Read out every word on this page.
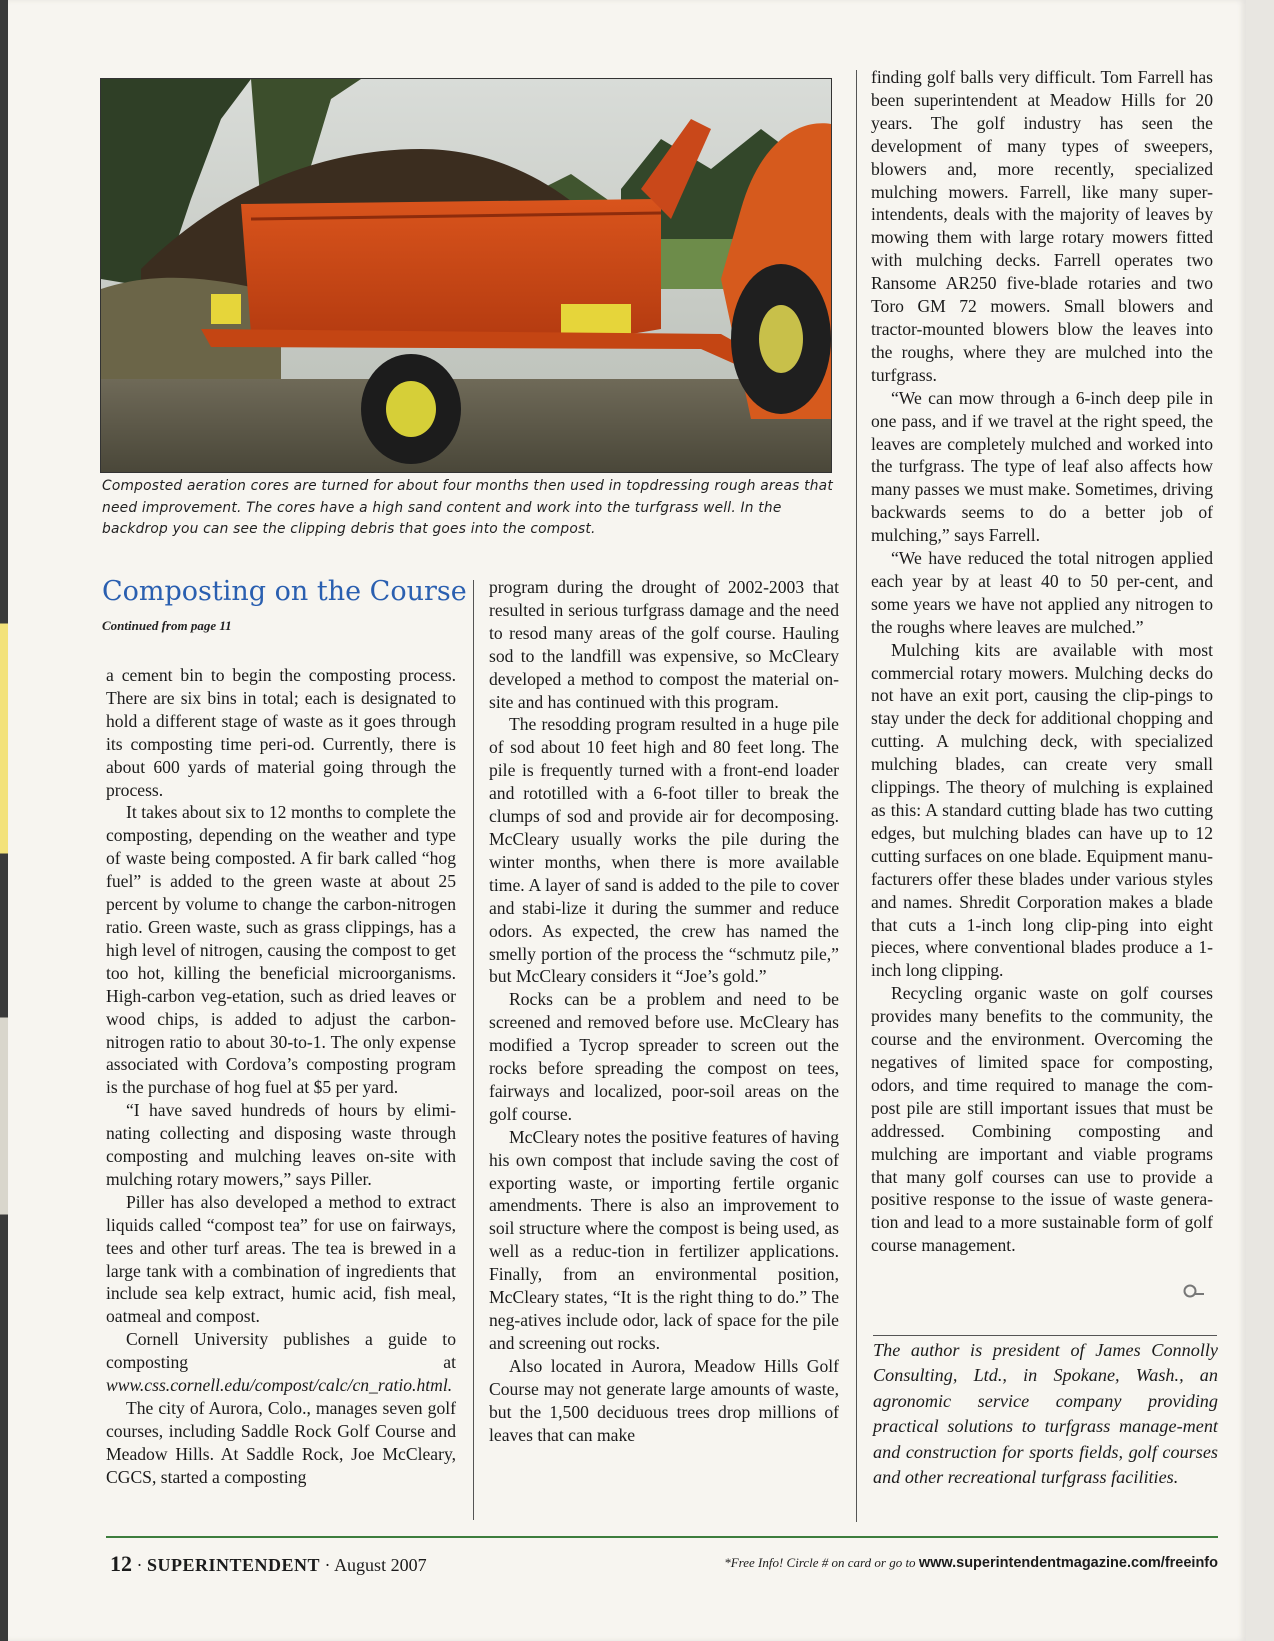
Composted aeration cores are turned for about four months then used in topdressing rough areas that need improvement. The cores have a high sand content and work into the turfgrass well. In the backdrop you can see the clipping debris that goes into the compost.
Composting on the Course
Continued from page 11

a cement bin to begin the composting process. There are six bins in total; each is designated to hold a different stage of waste as it goes through its composting time peri-od. Currently, there is about 600 yards of material going through the process.

It takes about six to 12 months to complete the composting, depending on the weather and type of waste being composted. A fir bark called “hog fuel” is added to the green waste at about 25 percent by volume to change the carbon-nitrogen ratio. Green waste, such as grass clippings, has a high level of nitrogen, causing the compost to get too hot, killing the beneficial microorganisms. High-carbon veg-etation, such as dried leaves or wood chips, is added to adjust the carbon-nitrogen ratio to about 30-to-1. The only expense associated with Cordova’s composting program is the purchase of hog fuel at $5 per yard.

“I have saved hundreds of hours by elimi-nating collecting and disposing waste through composting and mulching leaves on-site with mulching rotary mowers,” says Piller.

Piller has also developed a method to extract liquids called “compost tea” for use on fairways, tees and other turf areas. The tea is brewed in a large tank with a combination of ingredients that include sea kelp extract, humic acid, fish meal, oatmeal and compost.

Cornell University publishes a guide to composting at www.css.cornell.edu/compost/calc/cn_ratio.html.

The city of Aurora, Colo., manages seven golf courses, including Saddle Rock Golf Course and Meadow Hills. At Saddle Rock, Joe McCleary, CGCS, started a composting

program during the drought of 2002-2003 that resulted in serious turfgrass damage and the need to resod many areas of the golf course. Hauling sod to the landfill was expensive, so McCleary developed a method to compost the material on-site and has continued with this program.

The resodding program resulted in a huge pile of sod about 10 feet high and 80 feet long. The pile is frequently turned with a front-end loader and rototilled with a 6-foot tiller to break the clumps of sod and provide air for decomposing. McCleary usually works the pile during the winter months, when there is more available time. A layer of sand is added to the pile to cover and stabi-lize it during the summer and reduce odors. As expected, the crew has named the smelly portion of the process the “schmutz pile,” but McCleary considers it “Joe’s gold.”

Rocks can be a problem and need to be screened and removed before use. McCleary has modified a Tycrop spreader to screen out the rocks before spreading the compost on tees, fairways and localized, poor-soil areas on the golf course.

McCleary notes the positive features of having his own compost that include saving the cost of exporting waste, or importing fertile organic amendments. There is also an improvement to soil structure where the compost is being used, as well as a reduc-tion in fertilizer applications. Finally, from an environmental position, McCleary states, “It is the right thing to do.” The neg-atives include odor, lack of space for the pile and screening out rocks.

Also located in Aurora, Meadow Hills Golf Course may not generate large amounts of waste, but the 1,500 deciduous trees drop millions of leaves that can make

finding golf balls very difficult. Tom Farrell has been superintendent at Meadow Hills for 20 years. The golf industry has seen the development of many types of sweepers, blowers and, more recently, specialized mulching mowers. Farrell, like many super-intendents, deals with the majority of leaves by mowing them with large rotary mowers fitted with mulching decks. Farrell operates two Ransome AR250 five-blade rotaries and two Toro GM 72 mowers. Small blowers and tractor-mounted blowers blow the leaves into the roughs, where they are mulched into the turfgrass.

“We can mow through a 6-inch deep pile in one pass, and if we travel at the right speed, the leaves are completely mulched and worked into the turfgrass. The type of leaf also affects how many passes we must make. Sometimes, driving backwards seems to do a better job of mulching,” says Farrell.

“We have reduced the total nitrogen applied each year by at least 40 to 50 per-cent, and some years we have not applied any nitrogen to the roughs where leaves are mulched.”

Mulching kits are available with most commercial rotary mowers. Mulching decks do not have an exit port, causing the clip-pings to stay under the deck for additional chopping and cutting. A mulching deck, with specialized mulching blades, can create very small clippings. The theory of mulching is explained as this: A standard cutting blade has two cutting edges, but mulching blades can have up to 12 cutting surfaces on one blade. Equipment manu-facturers offer these blades under various styles and names. Shredit Corporation makes a blade that cuts a 1-inch long clip-ping into eight pieces, where conventional blades produce a 1-inch long clipping.

Recycling organic waste on golf courses provides many benefits to the community, the course and the environment. Overcoming the negatives of limited space for composting, odors, and time required to manage the com-post pile are still important issues that must be addressed. Combining composting and mulching are important and viable programs that many golf courses can use to provide a positive response to the issue of waste genera-tion and lead to a more sustainable form of golf course management.

The author is president of James Connolly Consulting, Ltd., in Spokane, Wash., an agronomic service company providing practical solutions to turfgrass manage-ment and construction for sports fields, golf courses and other recreational turfgrass facilities.
12 · SUPERINTENDENT · August 2007	*Free Info! Circle # on card or go to www.superintendentmagazine.com/freeinfo
